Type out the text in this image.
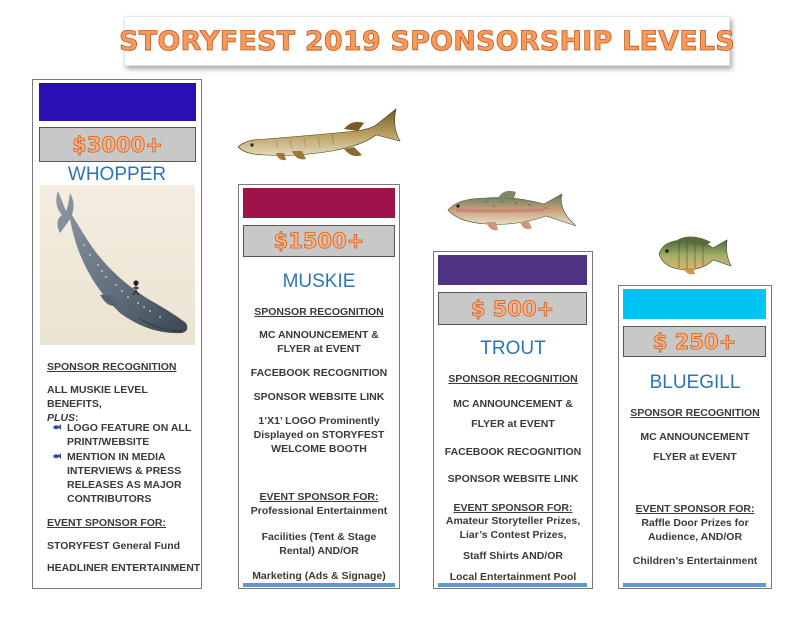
STORYFEST 2019 SPONSORSHIP LEVELS
$3000+
WHOPPER
SPONSOR RECOGNITION
ALL MUSKIE LEVEL BENEFITS,
PLUS:
LOGO FEATURE ON ALL
PRINT/WEBSITE
MENTION IN MEDIA
INTERVIEWS & PRESS
RELEASES AS MAJOR
CONTRIBUTORS
EVENT SPONSOR FOR:
STORYFEST General Fund
HEADLINER ENTERTAINMENT
$1500+
MUSKIE
SPONSOR RECOGNITION
MC ANNOUNCEMENT &
FLYER at EVENT
FACEBOOK RECOGNITION
SPONSOR WEBSITE LINK
1’X1’ LOGO Prominently
Displayed on STORYFEST
WELCOME BOOTH
EVENT SPONSOR FOR:
Professional Entertainment
Facilities (Tent & Stage
Rental) AND/OR
Marketing (Ads & Signage)
$ 500+
TROUT
SPONSOR RECOGNITION
MC ANNOUNCEMENT &
FLYER at EVENT
FACEBOOK RECOGNITION
SPONSOR WEBSITE LINK
EVENT SPONSOR FOR:
Amateur Storyteller Prizes,
Liar’s Contest Prizes,
Staff Shirts AND/OR
Local Entertainment Pool
$ 250+
BLUEGILL
SPONSOR RECOGNITION
MC ANNOUNCEMENT
FLYER at EVENT
EVENT SPONSOR FOR:
Raffle Door Prizes for
Audience, AND/OR
Children’s Entertainment
